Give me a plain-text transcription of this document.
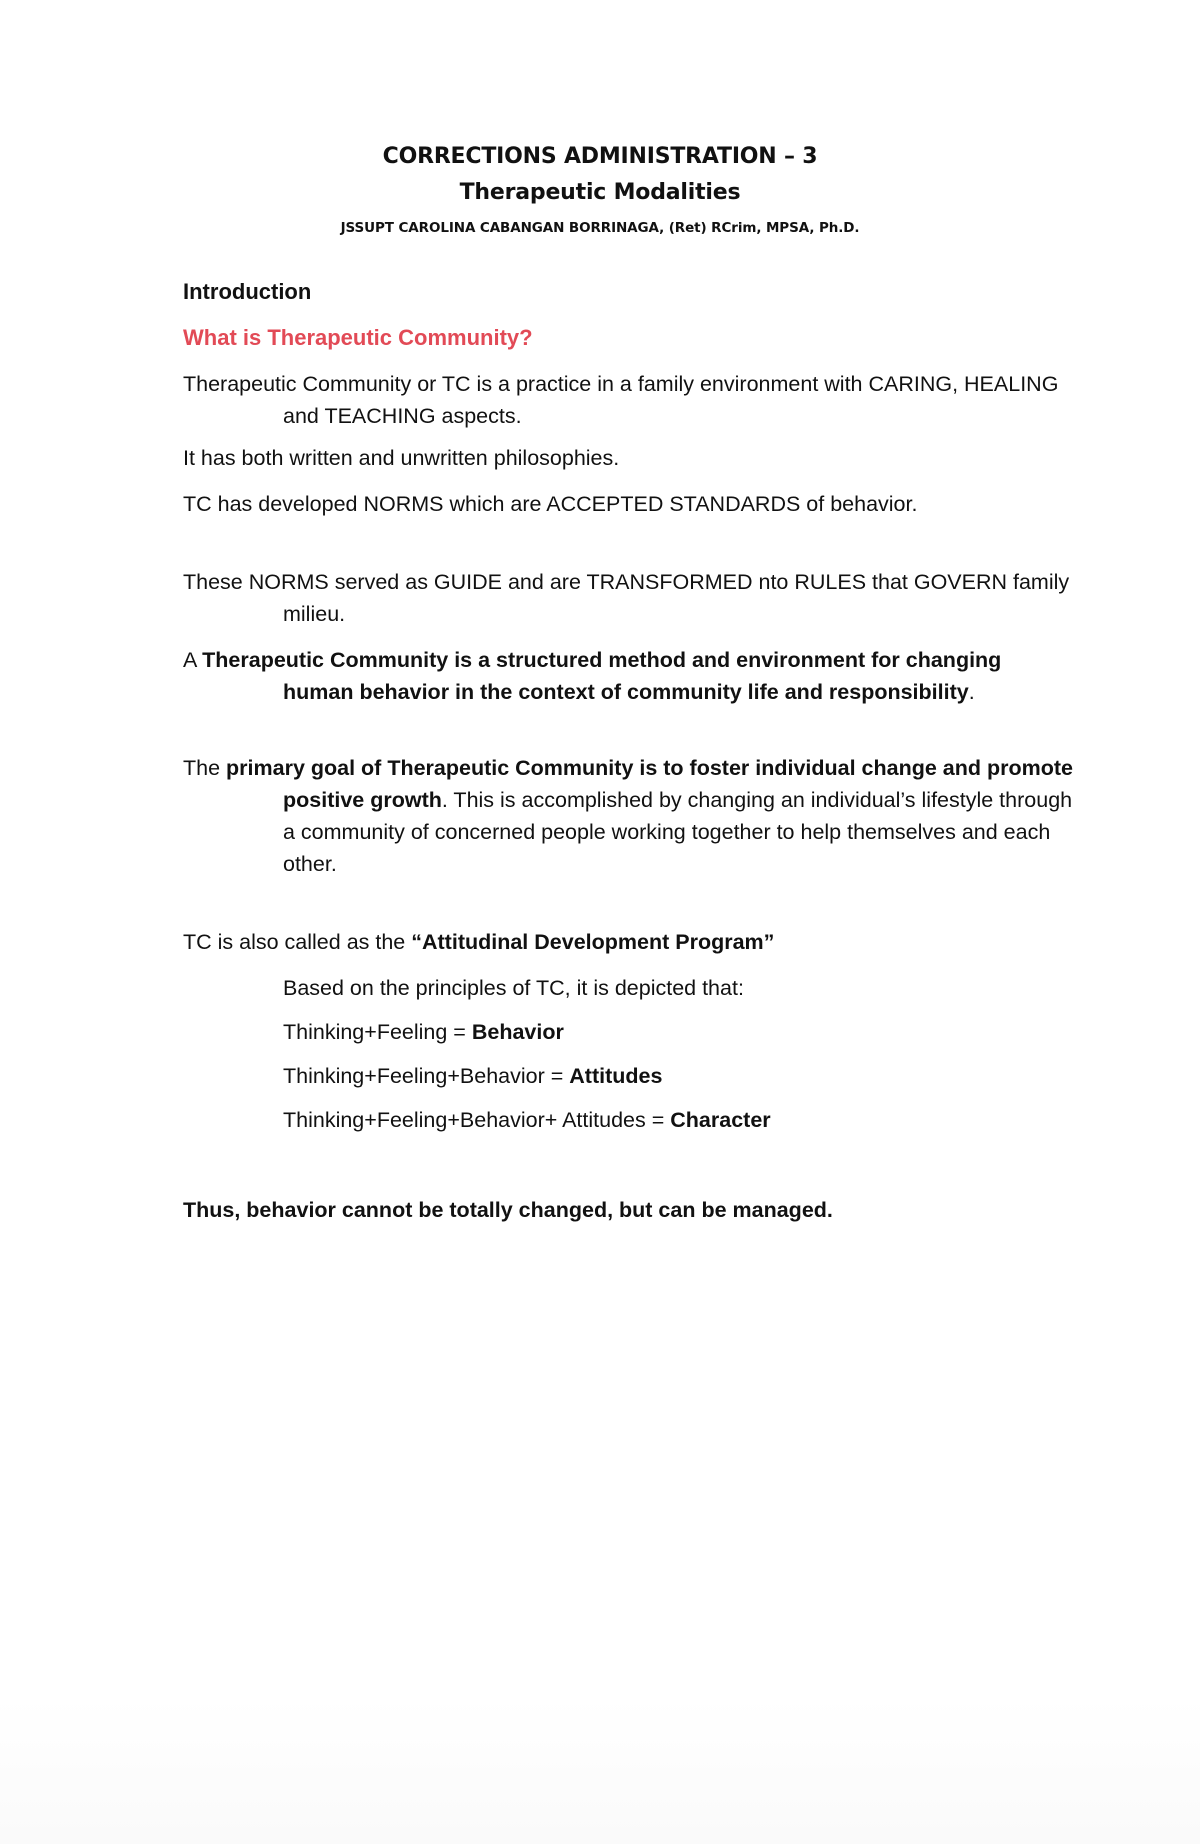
CORRECTIONS ADMINISTRATION – 3
Therapeutic Modalities
JSSUPT CAROLINA CABANGAN BORRINAGA, (Ret) RCrim, MPSA, Ph.D.
Introduction
What is Therapeutic Community?
Therapeutic Community or TC is a practice in a family environment with CARING, HEALING and TEACHING aspects.
It has both written and unwritten philosophies.
TC has developed NORMS which are ACCEPTED STANDARDS of behavior.
These NORMS served as GUIDE and are TRANSFORMED nto RULES that GOVERN family milieu.
A Therapeutic Community is a structured method and environment for changing human behavior in the context of community life and responsibility.
The primary goal of Therapeutic Community is to foster individual change and promote positive growth. This is accomplished by changing an individual’s lifestyle through a community of concerned people working together to help themselves and each other.
TC is also called as the “Attitudinal Development Program”
Based on the principles of TC, it is depicted that:
Thinking+Feeling = Behavior
Thinking+Feeling+Behavior = Attitudes
Thinking+Feeling+Behavior+ Attitudes = Character
Thus, behavior cannot be totally changed, but can be managed.
